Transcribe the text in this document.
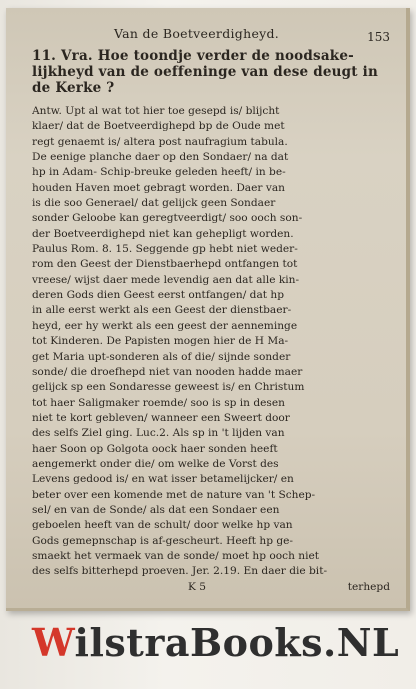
Van de Boetveerdigheyd.	153
11. Vra. Hoe toondje verder de noodsake-lijkheyd van de oeffeninge van dese deugt in de Kerke ?
Antw. Upt al wat tot hier toe gesepd is/ blijcht
klaer/ dat de Boetveerdighepd bp de Oude met
regt genaemt is/ altera post naufragium tabula.
De eenige planche daer op den Sondaer/ na dat
hp in Adam- Schip-breuke geleden heeft/ in be-
houden Haven moet gebragt worden. Daer van
is die soo Generael/ dat gelijck geen Sondaer
sonder Geloobe kan geregtveerdigt/ soo ooch son-
der Boetveerdighepd niet kan gehepligt worden.
Paulus Rom. 8. 15. Seggende gp hebt niet weder-
rom den Geest der Dienstbaerhepd ontfangen tot
vreese/ wijst daer mede levendig aen dat alle kin-
deren Gods dien Geest eerst ontfangen/ dat hp
in alle eerst werkt als een Geest der dienstbaer-
heyd, eer hy werkt als een geest der aenneminge
tot Kinderen. De Papisten mogen hier de H Ma-
get Maria upt-sonderen als of die/ sijnde sonder
sonde/ die droefhepd niet van nooden hadde maer
gelijck sp een Sondaresse geweest is/ en Christum
tot haer Saligmaker roemde/ soo is sp in desen
niet te kort gebleven/ wanneer een Sweert door
des selfs Ziel ging. Luc.2. Als sp in 't lijden van
haer Soon op Golgota oock haer sonden heeft
aengemerkt onder die/ om welke de Vorst des
Levens gedood is/ en wat isser betamelijcker/ en
beter over een komende met de nature van 't Schep-
sel/ en van de Sonde/ als dat een Sondaer een
geboelen heeft van de schult/ door welke hp van
Gods gemepnschap is af-gescheurt. Heeft hp ge-
smaekt het vermaek van de sonde/ moet hp ooch niet
des selfs bitterhepd proeven. Jer. 2.19. En daer die bit-
K 5	terhepd
WilstraBooks.NL
